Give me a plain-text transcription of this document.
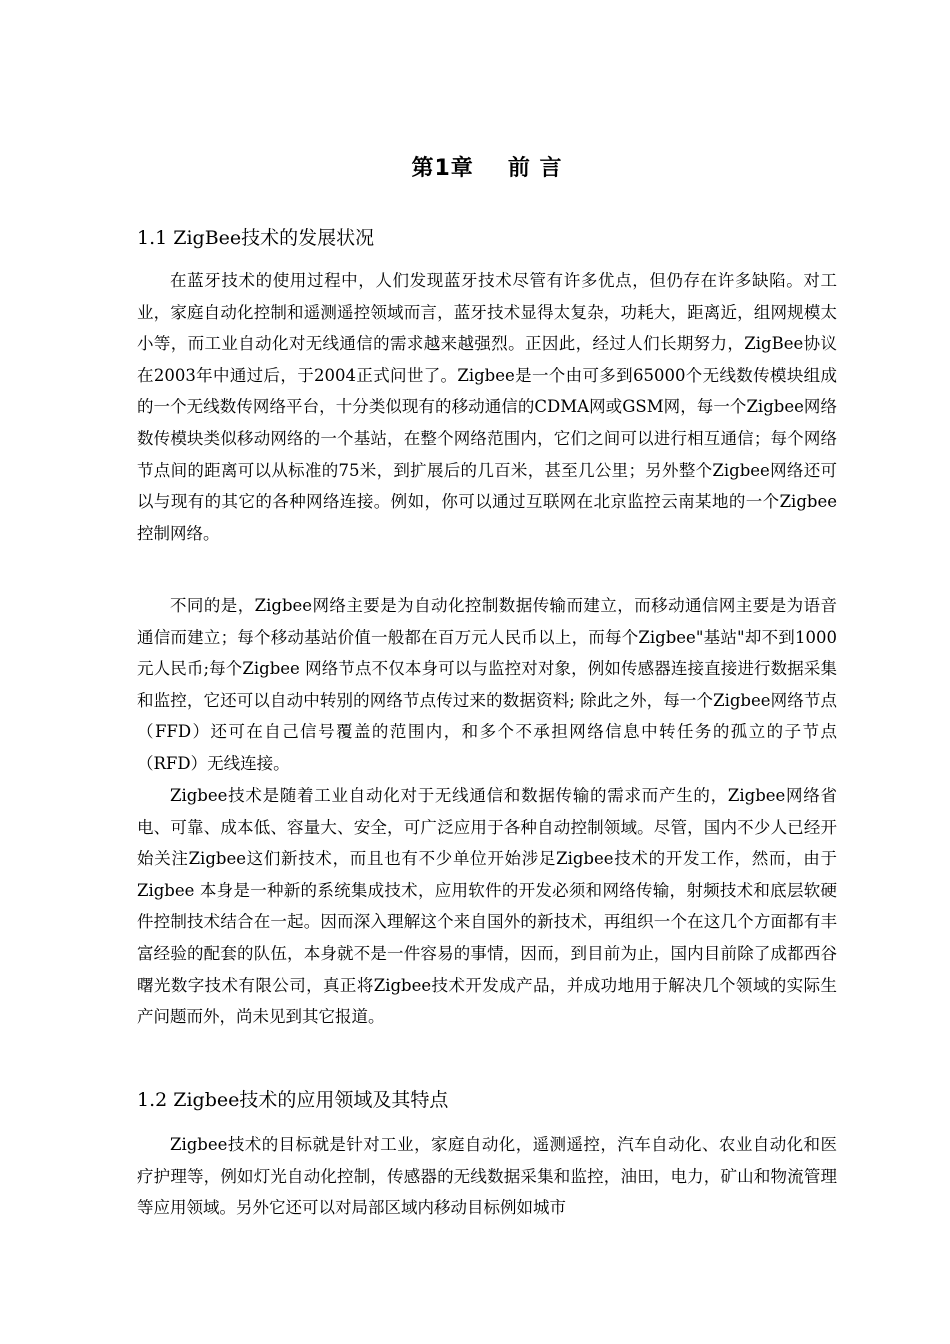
第1章 前 言
1.1 ZigBee技术的发展状况

在蓝牙技术的使用过程中，人们发现蓝牙技术尽管有许多优点，但仍存在许多缺陷。对工业，家庭自动化控制和遥测遥控领域而言，蓝牙技术显得太复杂，功耗大，距离近，组网规模太小等，而工业自动化对无线通信的需求越来越强烈。正因此，经过人们长期努力，ZigBee协议在2003年中通过后，于2004正式问世了。Zigbee是一个由可多到65000个无线数传模块组成的一个无线数传网络平台，十分类似现有的移动通信的CDMA网或GSM网，每一个Zigbee网络数传模块类似移动网络的一个基站，在整个网络范围内，它们之间可以进行相互通信；每个网络节点间的距离可以从标准的75米，到扩展后的几百米，甚至几公里；另外整个Zigbee网络还可以与现有的其它的各种网络连接。例如，你可以通过互联网在北京监控云南某地的一个Zigbee控制网络。

不同的是，Zigbee网络主要是为自动化控制数据传输而建立，而移动通信网主要是为语音通信而建立；每个移动基站价值一般都在百万元人民币以上，而每个Zigbee"基站"却不到1000元人民币;每个Zigbee 网络节点不仅本身可以与监控对对象，例如传感器连接直接进行数据采集和监控，它还可以自动中转别的网络节点传过来的数据资料; 除此之外，每一个Zigbee网络节点（FFD）还可在自己信号覆盖的范围内，和多个不承担网络信息中转任务的孤立的子节点（RFD）无线连接。

Zigbee技术是随着工业自动化对于无线通信和数据传输的需求而产生的，Zigbee网络省电、可靠、成本低、容量大、安全，可广泛应用于各种自动控制领域。尽管，国内不少人已经开始关注Zigbee这们新技术，而且也有不少单位开始涉足Zigbee技术的开发工作，然而，由于Zigbee 本身是一种新的系统集成技术，应用软件的开发必须和网络传输，射频技术和底层软硬件控制技术结合在一起。因而深入理解这个来自国外的新技术，再组织一个在这几个方面都有丰富经验的配套的队伍，本身就不是一件容易的事情，因而，到目前为止，国内目前除了成都西谷曙光数字技术有限公司，真正将Zigbee技术开发成产品，并成功地用于解决几个领域的实际生产问题而外，尚未见到其它报道。

1.2 Zigbee技术的应用领域及其特点

Zigbee技术的目标就是针对工业，家庭自动化，遥测遥控，汽车自动化、农业自动化和医疗护理等，例如灯光自动化控制，传感器的无线数据采集和监控，油田，电力，矿山和物流管理等应用领域。另外它还可以对局部区域内移动目标例如城市
